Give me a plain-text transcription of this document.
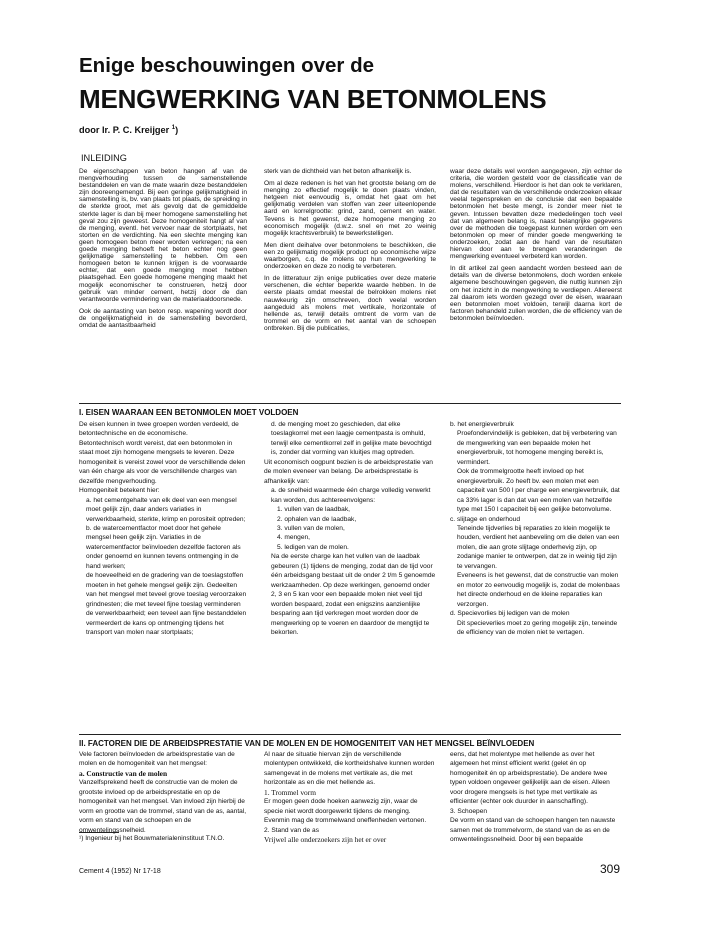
Enige beschouwingen over de
MENGWERKING VAN BETONMOLENS
door Ir. P. C. Kreijger $^1$)
INLEIDING

De eigenschappen van beton hangen af van de mengverhouding tussen de samenstellende bestanddelen en van de mate waarin deze bestanddelen zijn dooreengemengd. Bij een geringe gelijkmatigheid in samenstelling is, bv. van plaats tot plaats, de spreiding in de sterkte groot, met als gevolg dat de gemiddelde sterkte lager is dan bij meer homogene samenstelling het geval zou zijn geweest. Deze homogeniteit hangt af van de menging, eventl. het vervoer naar de stortplaats, het storten en de verdichting. Na een slechte menging kan geen homogeen beton meer worden verkregen; na een goede menging behoeft het beton echter nog geen gelijkmatige samenstelling te hebben. Om een homogeen beton te kunnen krijgen is de voorwaarde echter, dat een goede menging moet hebben plaatsgehad. Een goede homogene menging maakt het mogelijk economischer te construeren, hetzij door gebruik van minder cement, hetzij door de dan verantwoorde vermindering van de materiaaldoorsnede.

Ook de aantasting van beton resp. wapening wordt door de ongelijkmatigheid in de samenstelling bevorderd, omdat de aantastbaarheid

sterk van de dichtheid van het beton afhankelijk is.

Om al deze redenen is het van het grootste belang om de menging zo effectief mogelijk te doen plaats vinden, hetgeen niet eenvoudig is, omdat het gaat om het gelijkmatig verdelen van stoffen van zeer uiteenlopende aard en korrelgrootte: grind, zand, cement en water. Tevens is het gewenst, deze homogene menging zo economisch mogelijk (d.w.z. snel en met zo weinig mogelijk krachtsverbruik) te bewerkstelligen.

Men dient deihalve over betonmolens te beschikken, die een zo gelijkmatig mogelijk product op economische wijze waarborgen, c.q. de molens op hun mengwerking te onderzoeken en deze zo nodig te verbeteren.

In de litteratuur zijn enige publicaties over deze materie verschenen, die echter beperkte waarde hebben. In de eerste plaats omdat meestal de belrokken molens niet nauwkeurig zijn omschreven, doch veelal worden aangeduid als molens met vertikale, horizontale of hellende as, terwijl details omtrent de vorm van de trommel en de vorm en het aantal van de schoepen ontbreken. Bij die publicaties,

waar deze details wel worden aangegeven, zijn echter de criteria, die worden gesteld voor de classificatie van de molens, verschillend. Hierdoor is het dan ook te verklaren, dat de resultaten van de verschillende onderzoeken elkaar veelal tegenspreken en de conclusie dat een bepaalde betonmolen het beste mengt, is zonder meer niet te geven. Intussen bevatten deze mededelingen toch veel dat van algemeen belang is, naast belangrijke gegevens over de methoden die toegepast kunnen worden om een betonmolen op meer of minder goede mengwerking te onderzoeken, zodat aan de hand van de resultaten hiervan door aan te brengen veranderingen de mengwerking eventueel verbeterd kan worden.

In dit artikel zal geen aandacht worden besteed aan de details van de diverse betonmolens, doch worden enkele algemene beschouwingen gegeven, die nuttig kunnen zijn om het inzicht in de mengwerking te verdiepen. Allereerst zal daarom iets worden gezegd over de eisen, waaraan een betonmolen moet voldoen, terwijl daarna kort de factoren behandeld zullen worden, die de efficiency van de betonmolen beïnvloeden.

I. EISEN WAARAAN EEN BETONMOLEN MOET VOLDOEN

De eisen kunnen in twee groepen worden verdeeld, de betontechnische en de economische.

Betontechnisch wordt vereist, dat een betonmolen in staat moet zijn homogene mengsels te leveren. Deze homogeniteit is vereist zowel voor de verschillende delen van één charge als voor de verschillende charges van dezelfde mengverhouding.

Homogeniteit betekent hier:

a. het cementgehalte van elk deel van een mengsel moet gelijk zijn, daar anders variaties in verwerkbaarheid, sterkte, krimp en porositeit optreden;

b. de watercementfactor moet door het gehele mengsel heen gelijk zijn. Variaties in de watercementfactor beïnvloeden dezelfde factoren als onder genoemd en kunnen tevens ontmenging in de hand werken;

de hoeveelheid en de gradering van de toeslagstoffen moeten in het gehele mengsel gelijk zijn. Gedeelten van het mengsel met teveel grove toeslag veroorzaken grindnesten; die met teveel fijne toeslag verminderen de verwerkbaarheid; een teveel aan fijne bestanddelen vermeerdert de kans op ontmenging tijdens het transport van molen naar stortplaats;

d. de menging moet zo geschieden, dat elke toeslagkorrel met een laagje cementpasta is omhuld, terwijl elke cementkorrel zelf in gelijke mate bevochtigd is, zonder dat vorming van kluitjes mag optreden.

Uit economisch oogpunt bezien is de arbeidsprestatie van de molen eveneer van belang. De arbeidsprestatie is afhankelijk van:

a. de snelheid waarmede één charge volledig verwerkt kan worden, dus achtereenvolgens:

1. vullen van de laadbak,

2. ophalen van de laadbak,

3. vullen van de molen,

4. mengen,

5. ledigen van de molen.

Na de eerste charge kan het vullen van de laadbak gebeuren (1) tijdens de menging, zodat dan de tijd voor één arbeidsgang bestaat uit de onder 2 t/m 5 genoemde werkzaamheden. Op deze werkingen, genoemd onder 2, 3 en 5 kan voor een bepaalde molen niet veel tijd worden bespaard, zodat een enigszins aanzienlijke besparing aan tijd verkregen moet worden door de mengwerking op te voeren en daardoor de mengtijd te bekorten.

b. het energieverbruik

Proefondervindelijk is gebleken, dat bij verbetering van de mengwerking van een bepaalde molen het energieverbruik, tot homogene menging bereikt is, vermindert.

Ook de trommelgrootte heeft invloed op het energieverbruik. Zo heeft bv. een molen met een capaciteit van 500 l per charge een energieverbruik, dat ca 33% lager is dan dat van een molen van hetzelfde type met 150 l capaciteit bij een gelijke betonvolume.

c. slijtage en onderhoud

Teneinde tijdverlies bij reparaties zo klein mogelijk te houden, verdient het aanbeveling om die delen van een molen, die aan grote slijtage onderhevig zijn, op zodanige manier te ontwerpen, dat ze in weinig tijd zijn te vervangen.

Eveneens is het gewenst, dat de constructie van molen en motor zo eenvoudig mogelijk is, zodat de molenbaas het directe onderhoud en de kleine reparaties kan verzorgen.

d. Specievorlies bij ledigen van de molen

Dit specieverlies moet zo gering mogelijk zijn, teneinde de efficiency van de molen niet te vertagen.

II. FACTOREN DIE DE ARBEIDSPRESTATIE VAN DE MOLEN EN DE HOMOGENITEIT VAN HET MENGSEL BEÏNVLOEDEN

Vele factoren beïnvloeden de arbeidsprestatie van de molen en de homogeniteit van het mengsel:

a. Constructie van de molen

Vanzelfsprekend heeft de constructie van de molen de grootste invloed op de arbeidsprestatie en op de homogeniteit van het mengsel. Van invloed zijn hierbij de vorm en grootte van de trommel, stand van de as, aantal, vorm en stand van de schoepen en de omwentelingssnelheid.

¹) Ingenieur bij het Bouwmaterialeninstituut T.N.O.

Al naar de situatie hiervan zijn de verschillende molentypen ontwikkeld, die kortheidshalve kunnen worden samengevat in de molens met vertikale as, die met horizontale as en die met hellende as.

1. Trommel vorm

Er mogen geen dode hoeken aanwezig zijn, waar de specie niet wordt doorgewerkt tijdens de menging. Evenmin mag de trommelwand oneffenheden vertonen.

2. Stand van de as

Vrijwel alle onderzoekers zijn het er over

eens, dat het molentype met hellende as over het algemeen het minst efficient werkt (gelet én op homogeniteit én op arbeidsprestatie). De andere twee typen voldoen ongeveer gelijkelijk aan de eisen. Alleen voor drogere mengsels is het type met vertikale as efficienter (echter ook duurder in aanschaffing).

3. Schoepen

De vorm en stand van de schoepen hangen ten nauwste samen met de trommelvorm, de stand van de as en de omwentelingssnelheid. Door bij een bepaalde

Cement 4 (1952) Nr 17-18	309
